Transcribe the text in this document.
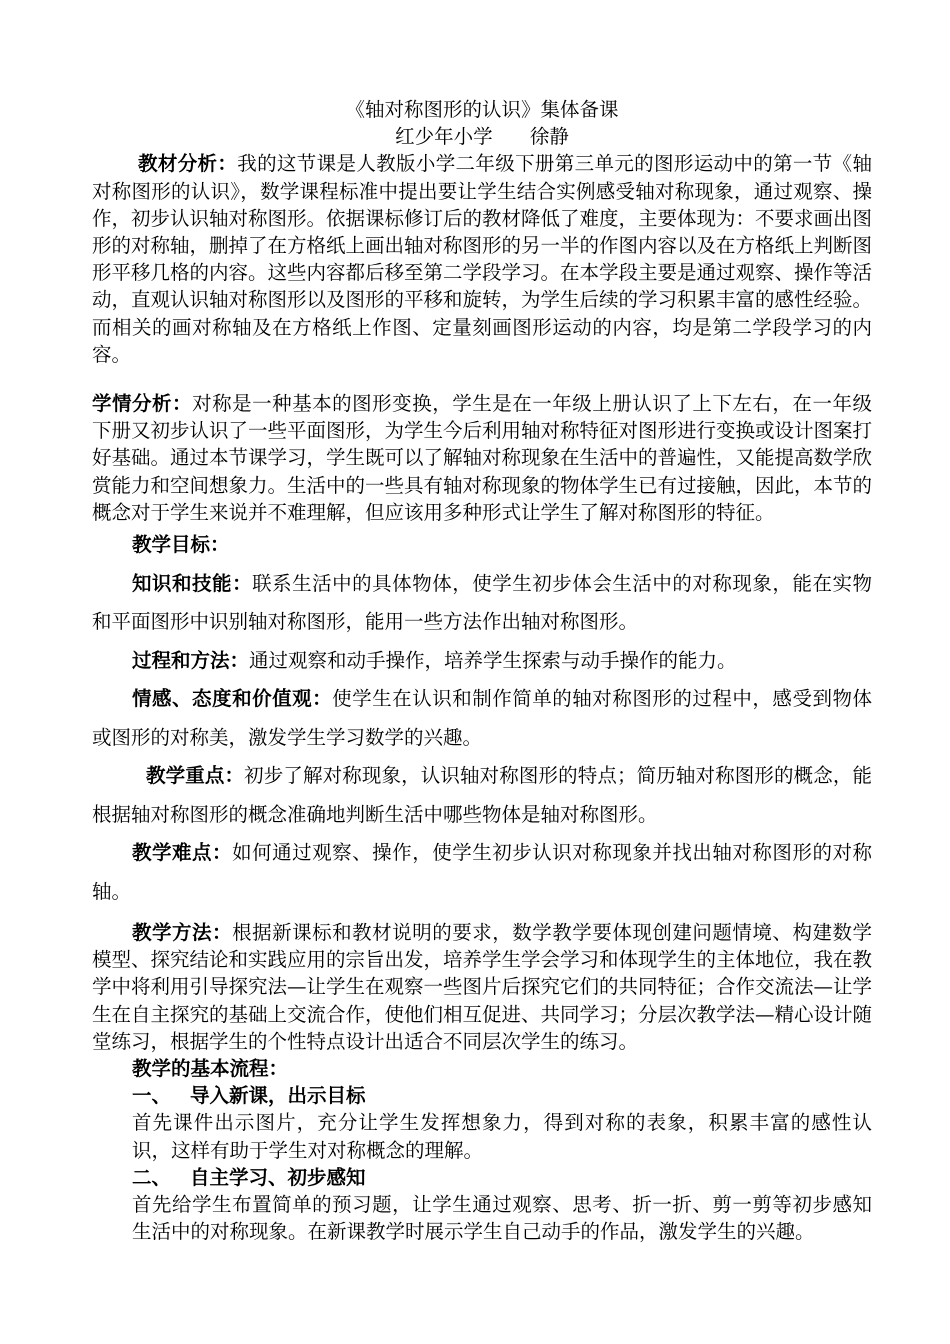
《轴对称图形的认识》集体备课

红少年小学      徐静

教材分析：我的这节课是人教版小学二年级下册第三单元的图形运动中的第一节《轴对称图形的认识》，数学课程标准中提出要让学生结合实例感受轴对称现象，通过观察、操作，初步认识轴对称图形。依据课标修订后的教材降低了难度，主要体现为：不要求画出图形的对称轴，删掉了在方格纸上画出轴对称图形的另一半的作图内容以及在方格纸上判断图形平移几格的内容。这些内容都后移至第二学段学习。在本学段主要是通过观察、操作等活动，直观认识轴对称图形以及图形的平移和旋转，为学生后续的学习积累丰富的感性经验。而相关的画对称轴及在方格纸上作图、定量刻画图形运动的内容，均是第二学段学习的内容。

学情分析：对称是一种基本的图形变换，学生是在一年级上册认识了上下左右，在一年级下册又初步认识了一些平面图形，为学生今后利用轴对称特征对图形进行变换或设计图案打好基础。通过本节课学习，学生既可以了解轴对称现象在生活中的普遍性，又能提高数学欣赏能力和空间想象力。生活中的一些具有轴对称现象的物体学生已有过接触，因此，本节的概念对于学生来说并不难理解，但应该用多种形式让学生了解对称图形的特征。

教学目标：

知识和技能：联系生活中的具体物体，使学生初步体会生活中的对称现象，能在实物和平面图形中识别轴对称图形，能用一些方法作出轴对称图形。

过程和方法：通过观察和动手操作，培养学生探索与动手操作的能力。

情感、态度和价值观：使学生在认识和制作简单的轴对称图形的过程中，感受到物体或图形的对称美，激发学生学习数学的兴趣。

教学重点：初步了解对称现象，认识轴对称图形的特点；简历轴对称图形的概念，能根据轴对称图形的概念准确地判断生活中哪些物体是轴对称图形。

教学难点：如何通过观察、操作，使学生初步认识对称现象并找出轴对称图形的对称轴。

教学方法：根据新课标和教材说明的要求，数学教学要体现创建问题情境、构建数学模型、探究结论和实践应用的宗旨出发，培养学生学会学习和体现学生的主体地位，我在教学中将利用引导探究法—让学生在观察一些图片后探究它们的共同特征；合作交流法—让学生在自主探究的基础上交流合作，使他们相互促进、共同学习；分层次教学法—精心设计随堂练习，根据学生的个性特点设计出适合不同层次学生的练习。

教学的基本流程：

一、 导入新课，出示目标

首先课件出示图片，充分让学生发挥想象力，得到对称的表象，积累丰富的感性认识，这样有助于学生对对称概念的理解。

二、 自主学习、初步感知

首先给学生布置简单的预习题，让学生通过观察、思考、折一折、剪一剪等初步感知生活中的对称现象。在新课教学时展示学生自己动手的作品，激发学生的兴趣。
